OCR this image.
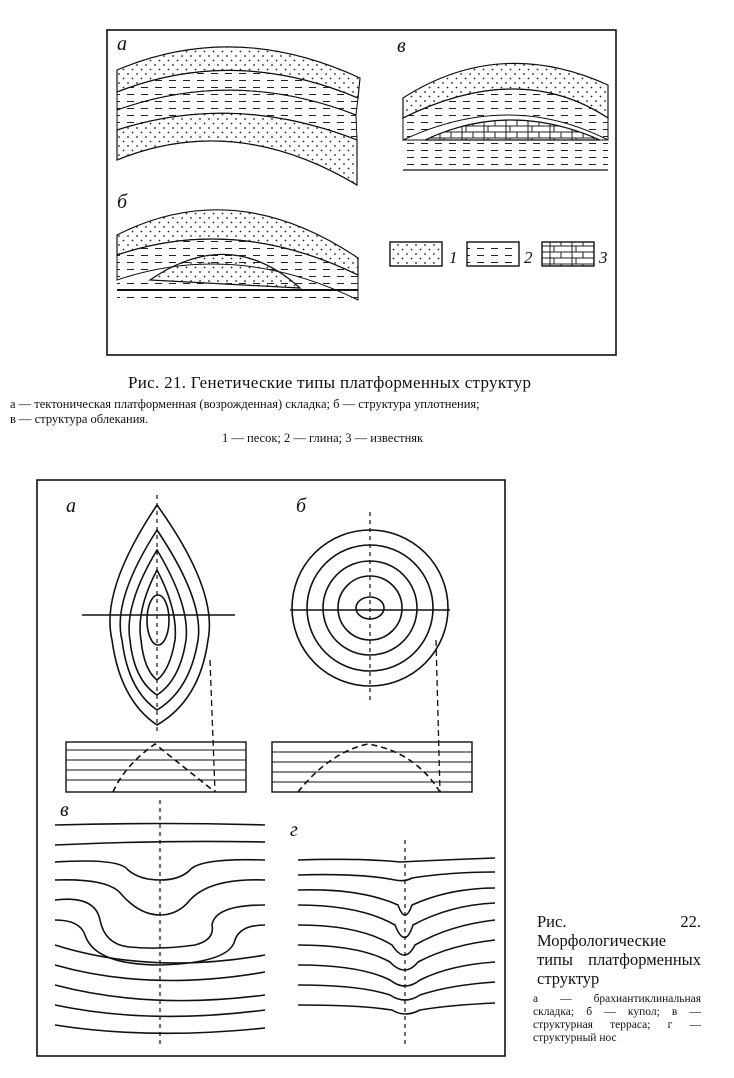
а	в
б
1	2	3
а	б
в
г
Рис. 21. Генетические типы платформенных структур
а — тектоническая платформенная (возрожденная) складка; б — структура уплотнения;
в — структура облекания.
1 — песок; 2 — глина; 3 — известняк
Рис. 22. Морфологические типы платформенных структур
а — брахиантиклинальная складка; б — купол; в — структурная терраса; г — структурный нос
